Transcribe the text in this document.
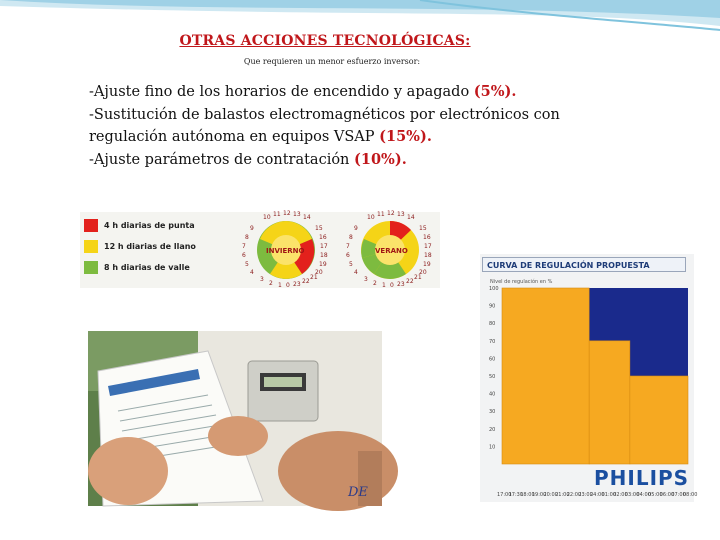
OTRAS ACCIONES TECNOLÓGICAS:
Que requieren un menor esfuerzo inversor:
-Ajuste fino de los horarios de encendido y apagado (5%).
-Sustitución de balastos electromagnéticos por electrónicos con
regulación autónoma en equipos VSAP (15%).
-Ajuste parámetros de contratación (10%).
4 h diarias de punta
12 h diarias de llano
8 h diarias de valle
10 11 12 13 14
9
8
7
6
5
4
15
16
17
18
19
20
3
2 1 0 23 22
21
INVIERNO
10 11 12 13 14
9
8
7
6
5
4
15
16
17
18
19
20
3
2 1 0 23 22
21
VERANO
DE
CURVA DE REGULACIÓN PROPUESTA
Nivel de regulación en %
100
90
80
70
60
50
40
30
20
10
17:00
17:30
18:00
19:00
20:00
21:00
22:00
23:00
24:00
01:00
02:00
03:00
04:00
05:00
06:00
07:00
08:00
PHILIPS
